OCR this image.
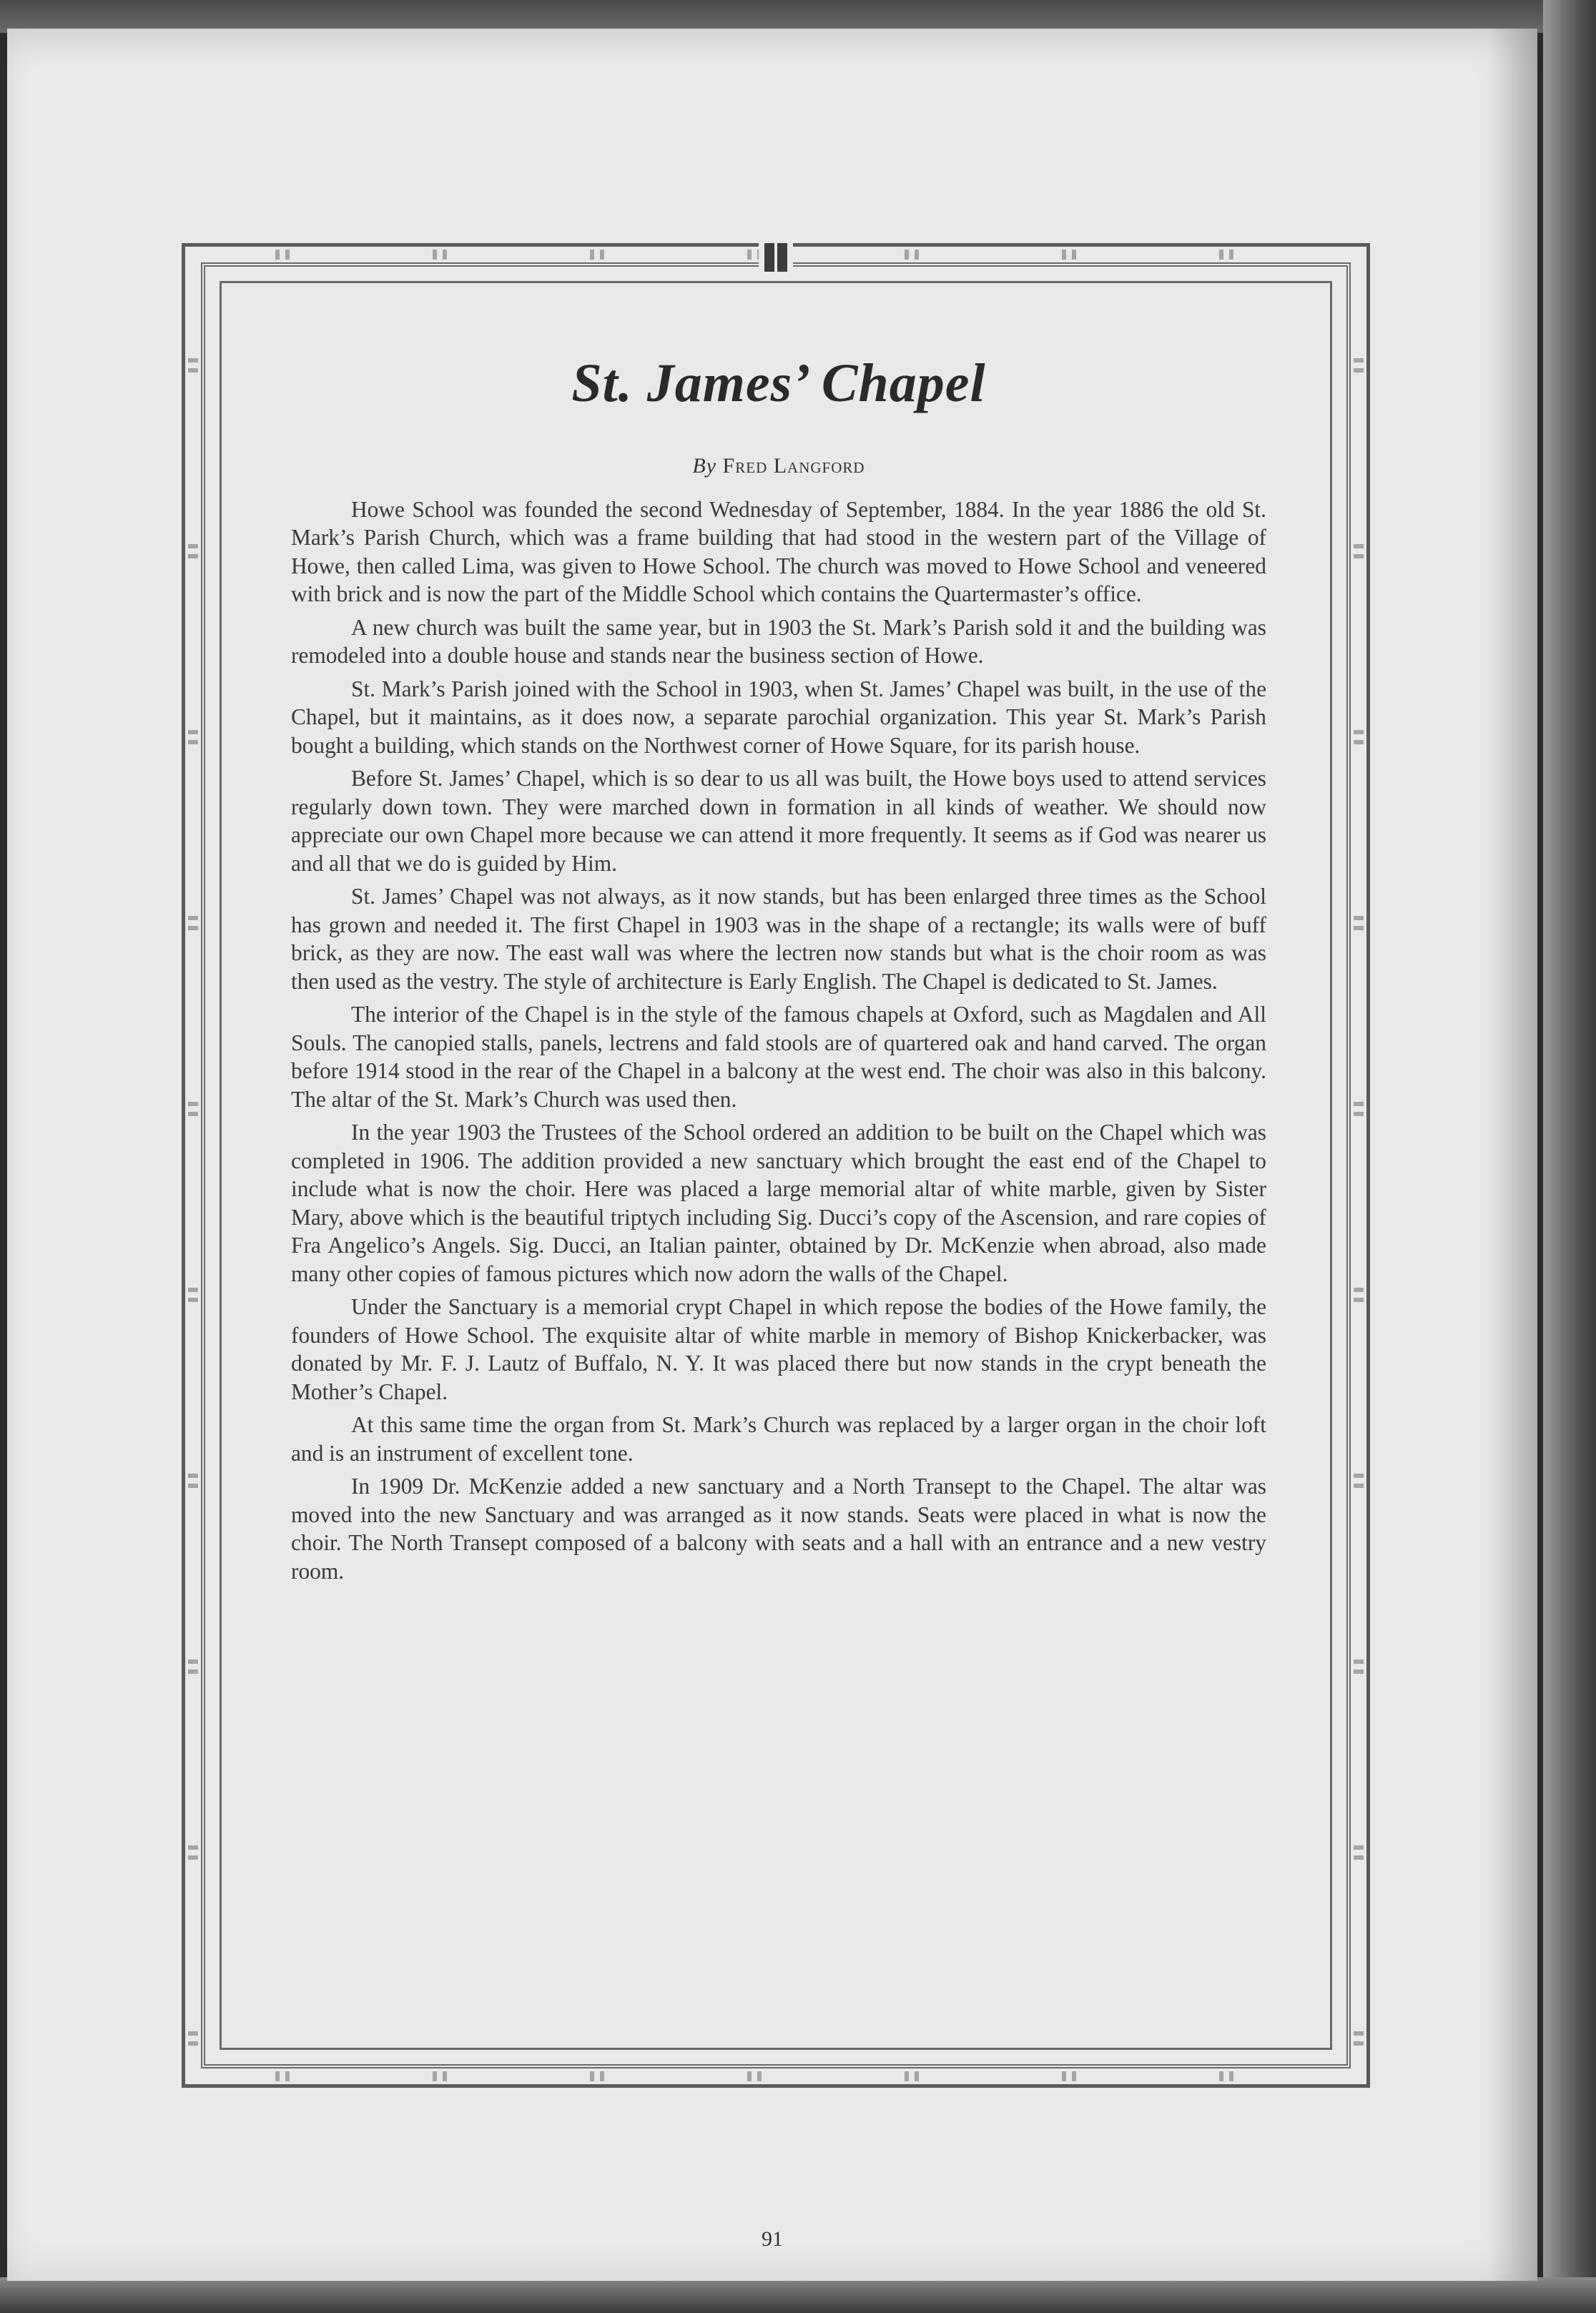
St. James’ Chapel
By Fred Langford

Howe School was founded the second Wednesday of September, 1884. In the year 1886 the old St. Mark’s Parish Church, which was a frame building that had stood in the western part of the Village of Howe, then called Lima, was given to Howe School. The church was moved to Howe School and veneered with brick and is now the part of the Middle School which contains the Quartermaster’s office.

A new church was built the same year, but in 1903 the St. Mark’s Parish sold it and the building was remodeled into a double house and stands near the business section of Howe.

St. Mark’s Parish joined with the School in 1903, when St. James’ Chapel was built, in the use of the Chapel, but it maintains, as it does now, a separate parochial organization. This year St. Mark’s Parish bought a building, which stands on the Northwest corner of Howe Square, for its parish house.

Before St. James’ Chapel, which is so dear to us all was built, the Howe boys used to attend services regularly down town. They were marched down in formation in all kinds of weather. We should now appreciate our own Chapel more because we can attend it more frequently. It seems as if God was nearer us and all that we do is guided by Him.

St. James’ Chapel was not always, as it now stands, but has been enlarged three times as the School has grown and needed it. The first Chapel in 1903 was in the shape of a rectangle; its walls were of buff brick, as they are now. The east wall was where the lectren now stands but what is the choir room as was then used as the vestry. The style of architecture is Early English. The Chapel is dedicated to St. James.

The interior of the Chapel is in the style of the famous chapels at Oxford, such as Magdalen and All Souls. The canopied stalls, panels, lectrens and fald stools are of quartered oak and hand carved. The organ before 1914 stood in the rear of the Chapel in a balcony at the west end. The choir was also in this balcony. The altar of the St. Mark’s Church was used then.

In the year 1903 the Trustees of the School ordered an addition to be built on the Chapel which was completed in 1906. The addition provided a new sanctuary which brought the east end of the Chapel to include what is now the choir. Here was placed a large memorial altar of white marble, given by Sister Mary, above which is the beautiful triptych including Sig. Ducci’s copy of the Ascension, and rare copies of Fra Angelico’s Angels. Sig. Ducci, an Italian painter, obtained by Dr. McKenzie when abroad, also made many other copies of famous pictures which now adorn the walls of the Chapel.

Under the Sanctuary is a memorial crypt Chapel in which repose the bodies of the Howe family, the founders of Howe School. The exquisite altar of white marble in memory of Bishop Knickerbacker, was donated by Mr. F. J. Lautz of Buffalo, N. Y. It was placed there but now stands in the crypt beneath the Mother’s Chapel.

At this same time the organ from St. Mark’s Church was replaced by a larger organ in the choir loft and is an instrument of excellent tone.

In 1909 Dr. McKenzie added a new sanctuary and a North Transept to the Chapel. The altar was moved into the new Sanctuary and was arranged as it now stands. Seats were placed in what is now the choir. The North Transept composed of a balcony with seats and a hall with an entrance and a new vestry room.

91
